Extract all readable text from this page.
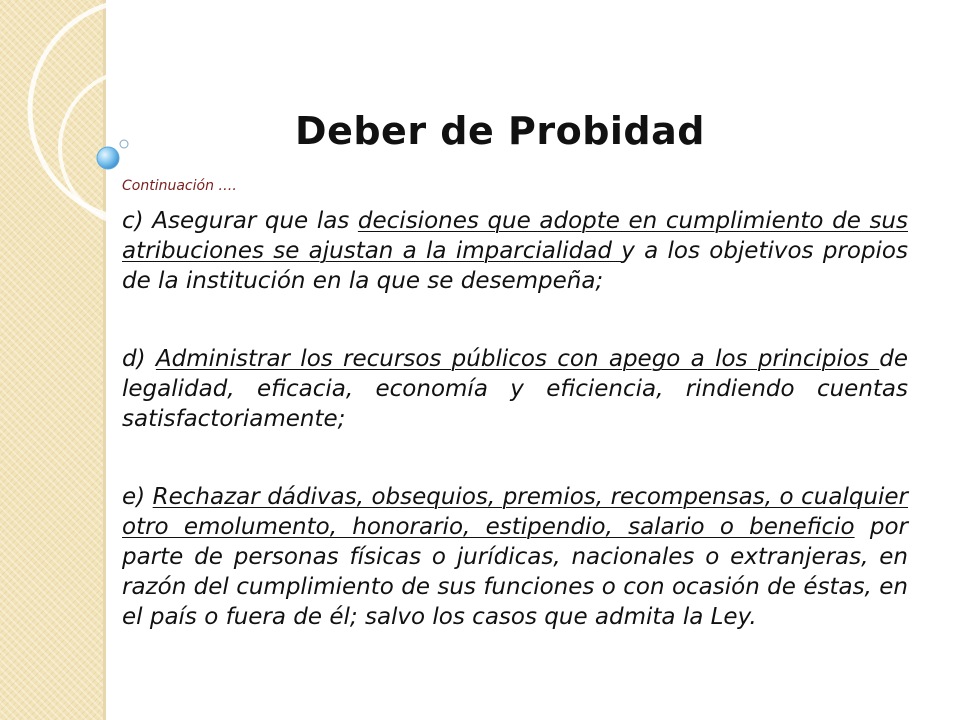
Deber de Probidad
Continuación ….

c) Asegurar que las decisiones que adopte en cumplimiento de sus atribuciones se ajustan a la imparcialidad y a los objetivos propios de la institución en la que se desempeña;

d) Administrar los recursos públicos con apego a los principios de legalidad, eficacia, economía y eficiencia, rindiendo cuentas satisfactoriamente;

e) Rechazar dádivas, obsequios, premios, recompensas, o cualquier otro emolumento, honorario, estipendio, salario o beneficio por parte de personas físicas o jurídicas, nacionales o extranjeras, en razón del cumplimiento de sus funciones o con ocasión de éstas, en el país o fuera de él; salvo los casos que admita la Ley.
